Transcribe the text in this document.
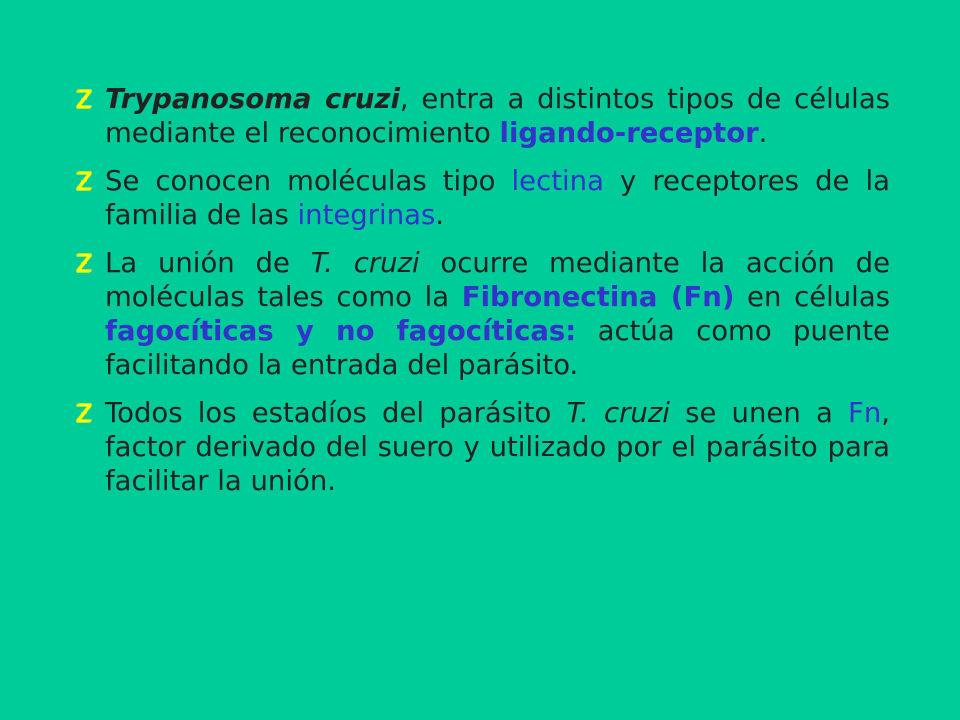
Trypanosoma cruzi, entra a distintos tipos de células mediante el reconocimiento ligando-receptor.
Se conocen moléculas tipo lectina y receptores de la familia de las integrinas.
La unión de T. cruzi ocurre mediante la acción de moléculas tales como la Fibronectina (Fn) en células fagocíticas y no fagocíticas: actúa como puente facilitando la entrada del parásito.
Todos los estadíos del parásito T. cruzi se unen a Fn, factor derivado del suero y utilizado por el parásito para facilitar la unión.
